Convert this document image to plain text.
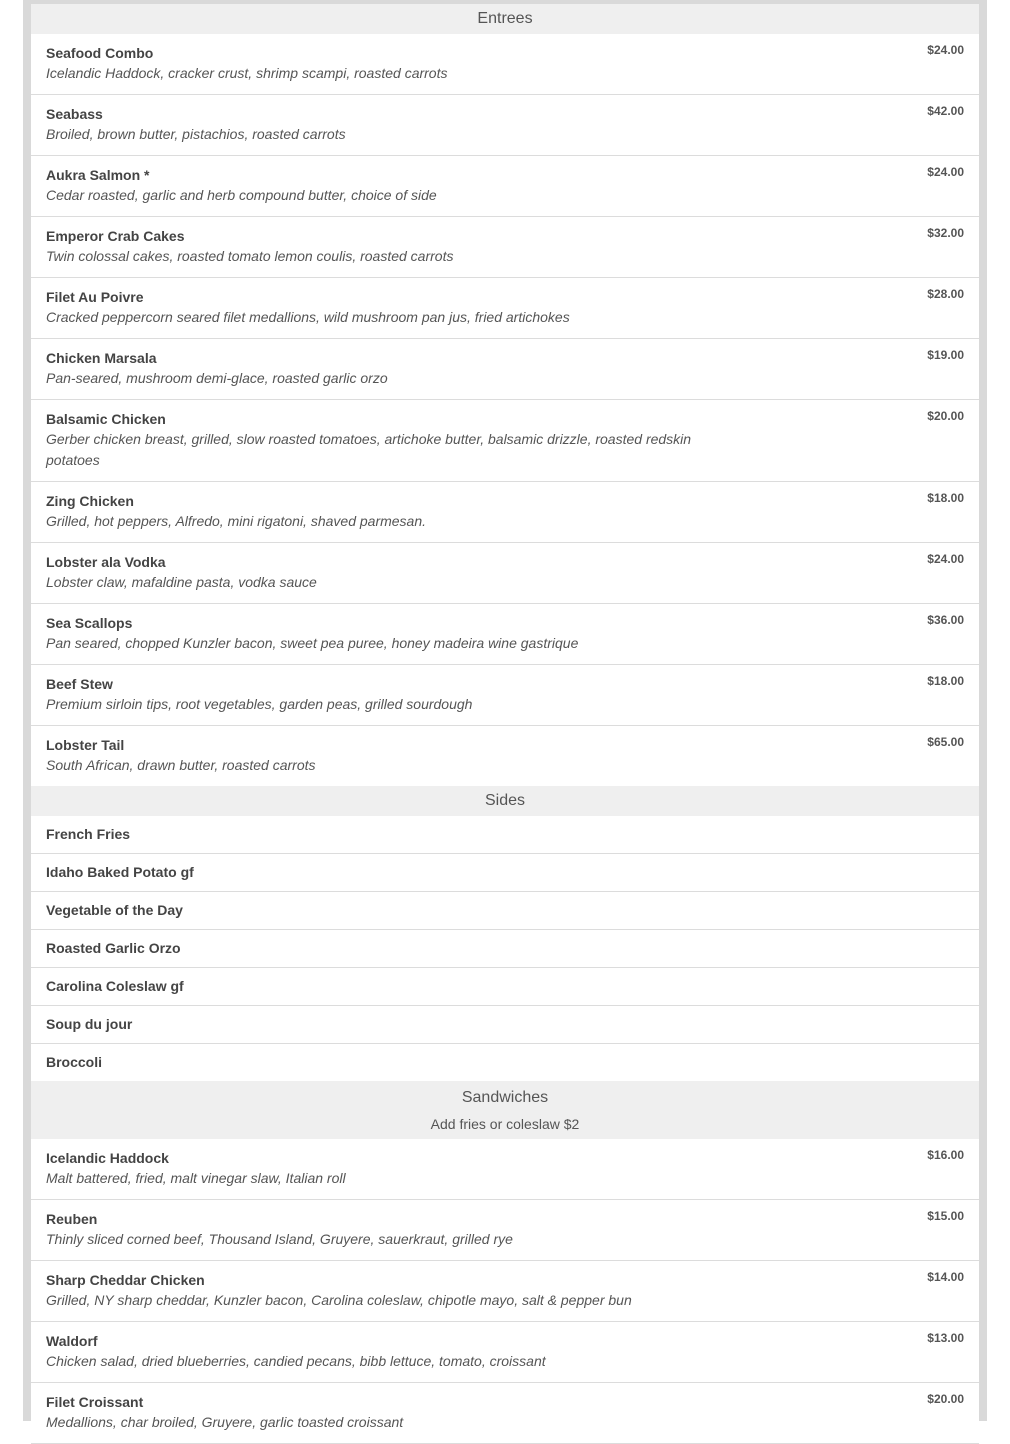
Entrees
Seafood Combo
Icelandic Haddock, cracker crust, shrimp scampi, roasted carrots
$24.00
Seabass
Broiled, brown butter, pistachios, roasted carrots
$42.00
Aukra Salmon *
Cedar roasted, garlic and herb compound butter, choice of side
$24.00
Emperor Crab Cakes
Twin colossal cakes, roasted tomato lemon coulis, roasted carrots
$32.00
Filet Au Poivre
Cracked peppercorn seared filet medallions, wild mushroom pan jus, fried artichokes
$28.00
Chicken Marsala
Pan-seared, mushroom demi-glace, roasted garlic orzo
$19.00
Balsamic Chicken
Gerber chicken breast, grilled, slow roasted tomatoes, artichoke butter, balsamic drizzle, roasted redskin potatoes
$20.00
Zing Chicken
Grilled, hot peppers, Alfredo, mini rigatoni, shaved parmesan.
$18.00
Lobster ala Vodka
Lobster claw, mafaldine pasta, vodka sauce
$24.00
Sea Scallops
Pan seared, chopped Kunzler bacon, sweet pea puree, honey madeira wine gastrique
$36.00
Beef Stew
Premium sirloin tips, root vegetables, garden peas, grilled sourdough
$18.00
Lobster Tail
South African, drawn butter, roasted carrots
$65.00
Sides
French Fries
Idaho Baked Potato gf
Vegetable of the Day
Roasted Garlic Orzo
Carolina Coleslaw gf
Soup du jour
Broccoli
Sandwiches
Add fries or coleslaw $2
Icelandic Haddock
Malt battered, fried, malt vinegar slaw, Italian roll
$16.00
Reuben
Thinly sliced corned beef, Thousand Island, Gruyere, sauerkraut, grilled rye
$15.00
Sharp Cheddar Chicken
Grilled, NY sharp cheddar, Kunzler bacon, Carolina coleslaw, chipotle mayo, salt & pepper bun
$14.00
Waldorf
Chicken salad, dried blueberries, candied pecans, bibb lettuce, tomato, croissant
$13.00
Filet Croissant
Medallions, char broiled, Gruyere, garlic toasted croissant
$20.00
